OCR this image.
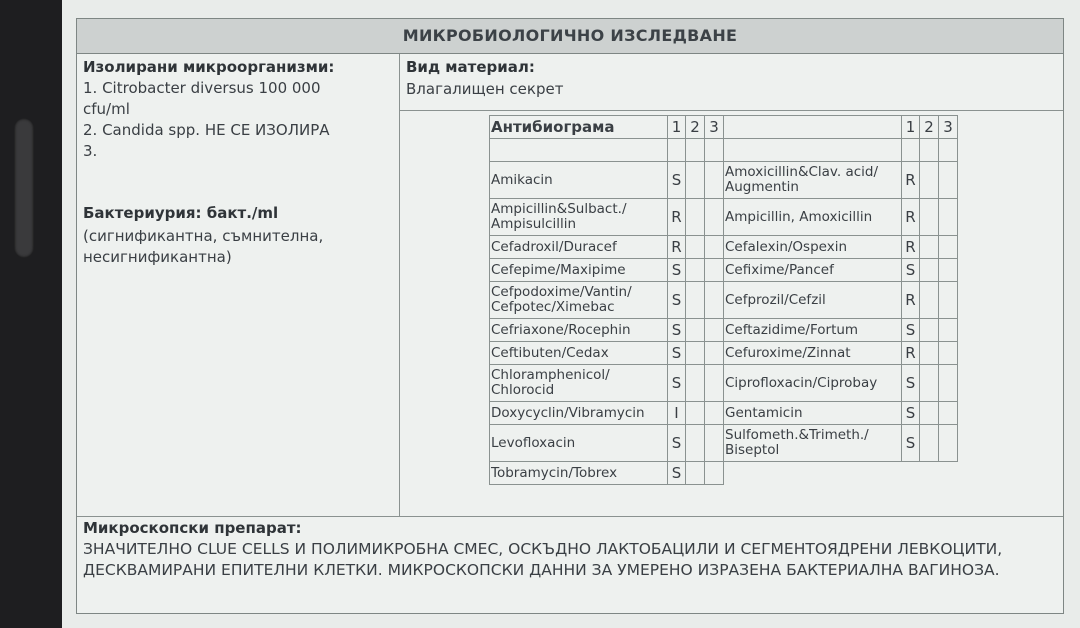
МИКРОБИОЛОГИЧНО ИЗСЛЕДВАНЕ
Изолирани микроорганизми:
1. Citrobacter diversus 100 000
cfu/ml
2. Candida spp. НЕ СЕ ИЗОЛИРА
3.
Бактериурия: бакт./ml
(сигнификантна, съмнителна,
несигнификантна)
Вид материал:
Влагалищен секрет
Антибиограма	1	2	3		1	2	3

Amikacin	S			Amoxicillin&Clav. acid/ Augmentin	R		
Ampicillin&Sulbact./ Ampisulcillin	R			Ampicillin, Amoxicillin	R		
Cefadroxil/Duracef	R			Cefalexin/Ospexin	R		
Cefepime/Maxipime	S			Cefixime/Pancef	S		
Cefpodoxime/Vantin/ Cefpotec/Ximebac	S			Cefprozil/Cefzil	R		
Cefriaxone/Rocephin	S			Ceftazidime/Fortum	S		
Ceftibuten/Cedax	S			Cefuroxime/Zinnat	R		
Chloramphenicol/ Chlorocid	S			Ciprofloxacin/Ciprobay	S		
Doxycyclin/Vibramycin	I			Gentamicin	S		
Levofloxacin	S			Sulfometh.&Trimeth./ Biseptol	S		
Tobramycin/Tobrex	S						
Микроскопски препарат:
ЗНАЧИТЕЛНО CLUE CELLS И ПОЛИМИКРОБНА СМЕС, ОСКЪДНО ЛАКТОБАЦИЛИ И СЕГМЕНТОЯДРЕНИ ЛЕВКОЦИТИ, ДЕСКВАМИРАНИ ЕПИТЕЛНИ КЛЕТКИ. МИКРОСКОПСКИ ДАННИ ЗА УМЕРЕНО ИЗРАЗЕНА БАКТЕРИАЛНА ВАГИНОЗА.
